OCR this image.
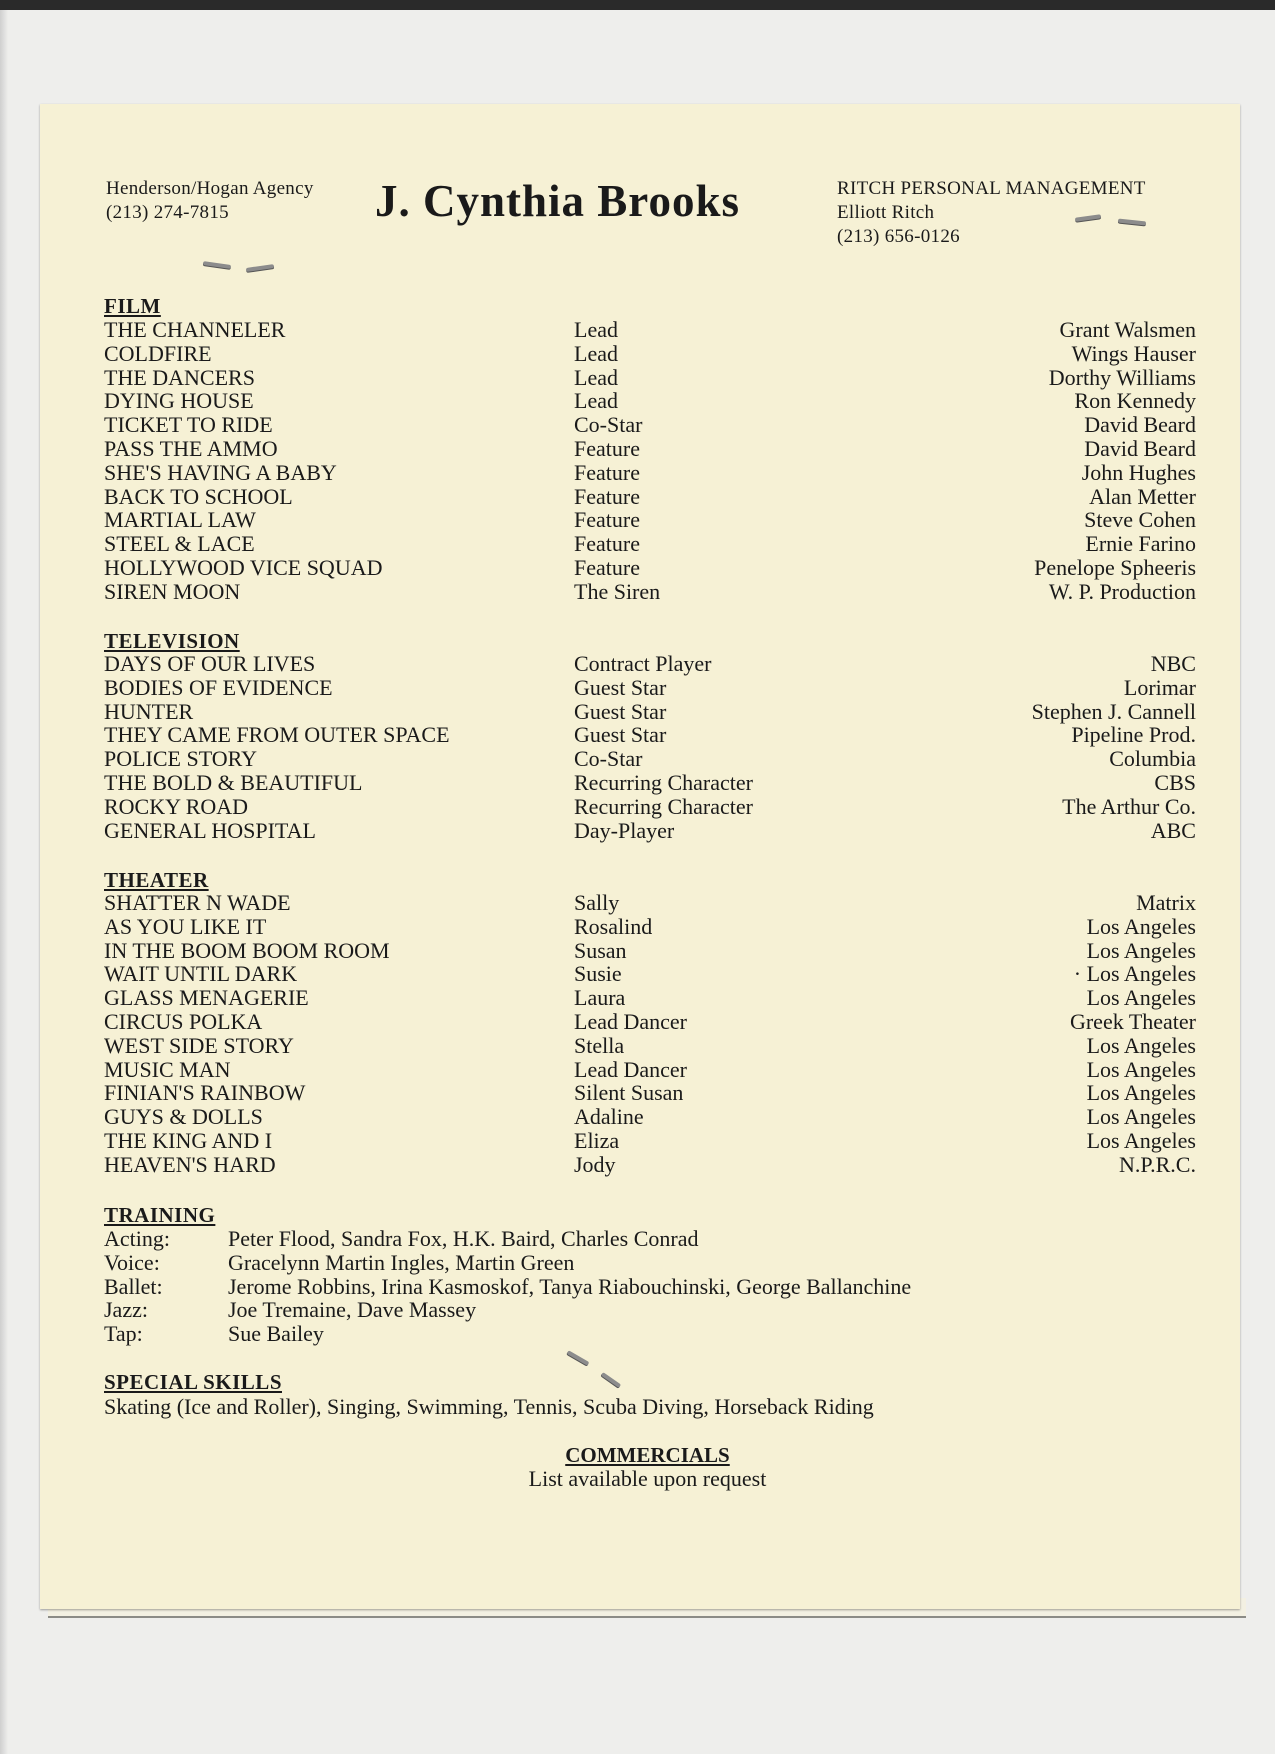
Henderson/Hogan Agency
(213) 274-7815	J. Cynthia Brooks	RITCH PERSONAL MANAGEMENT
Elliott Ritch
(213) 656-0126
FILM
THE CHANNELER	Lead	Grant Walsmen
COLDFIRE	Lead	Wings Hauser
THE DANCERS	Lead	Dorthy Williams
DYING HOUSE	Lead	Ron Kennedy
TICKET TO RIDE	Co-Star	David Beard
PASS THE AMMO	Feature	David Beard
SHE'S HAVING A BABY	Feature	John Hughes
BACK TO SCHOOL	Feature	Alan Metter
MARTIAL LAW	Feature	Steve Cohen
STEEL & LACE	Feature	Ernie Farino
HOLLYWOOD VICE SQUAD	Feature	Penelope Spheeris
SIREN MOON	The Siren	W. P. Production
TELEVISION
DAYS OF OUR LIVES	Contract Player	NBC
BODIES OF EVIDENCE	Guest Star	Lorimar
HUNTER	Guest Star	Stephen J. Cannell
THEY CAME FROM OUTER SPACE	Guest Star	Pipeline Prod.
POLICE STORY	Co-Star	Columbia
THE BOLD & BEAUTIFUL	Recurring Character	CBS
ROCKY ROAD	Recurring Character	The Arthur Co.
GENERAL HOSPITAL	Day-Player	ABC
THEATER
SHATTER N WADE	Sally	Matrix
AS YOU LIKE IT	Rosalind	Los Angeles
IN THE BOOM BOOM ROOM	Susan	Los Angeles
WAIT UNTIL DARK	Susie	· Los Angeles
GLASS MENAGERIE	Laura	Los Angeles
CIRCUS POLKA	Lead Dancer	Greek Theater
WEST SIDE STORY	Stella	Los Angeles
MUSIC MAN	Lead Dancer	Los Angeles
FINIAN'S RAINBOW	Silent Susan	Los Angeles
GUYS & DOLLS	Adaline	Los Angeles
THE KING AND I	Eliza	Los Angeles
HEAVEN'S HARD	Jody	N.P.R.C.
TRAINING
Acting:	Peter Flood, Sandra Fox, H.K. Baird, Charles Conrad
Voice:	Gracelynn Martin Ingles, Martin Green
Ballet:	Jerome Robbins, Irina Kasmoskof, Tanya Riabouchinski, George Ballanchine
Jazz:	Joe Tremaine, Dave Massey
Tap:	Sue Bailey
SPECIAL SKILLS
Skating (Ice and Roller), Singing, Swimming, Tennis, Scuba Diving, Horseback Riding
COMMERCIALS
List available upon request
